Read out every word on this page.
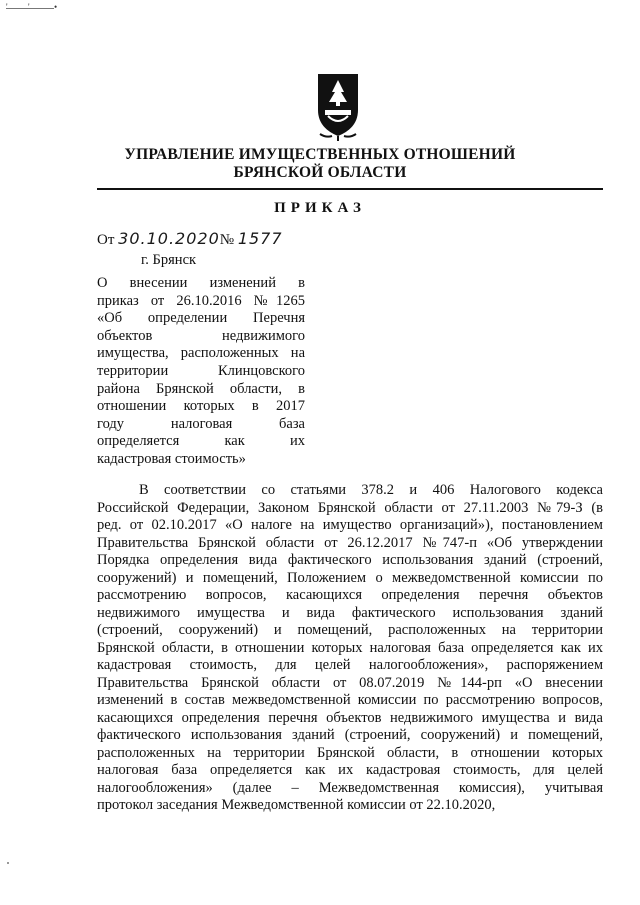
' '	•
УПРАВЛЕНИЕ ИМУЩЕСТВЕННЫХ ОТНОШЕНИЙ
БРЯНСКОЙ ОБЛАСТИ
ПРИКАЗ
От 30.10.2020№ 1577
г. Брянск
О внесении изменений в
приказ от 26.10.2016 №1265
«Об определении Перечня
объектов недвижимого
имущества, расположенных на
территории Клинцовского
района Брянской области, в
отношении которых в 2017
году налоговая база
определяется как их
кадастровая стоимость»
В соответствии со статьями 378.2 и 406 Налогового кодекса
Российской Федерации, Законом Брянской области от 27.11.2003 №79-З (в
ред. от 02.10.2017 «О налоге на имущество организаций»), постановлением
Правительства Брянской области от 26.12.2017 №747-п «Об утверждении
Порядка определения вида фактического использования зданий (строений,
сооружений) и помещений, Положением о межведомственной комиссии по
рассмотрению вопросов, касающихся определения перечня объектов
недвижимого имущества и вида фактического использования зданий
(строений, сооружений) и помещений, расположенных на территории
Брянской области, в отношении которых налоговая база определяется как их
кадастровая стоимость, для целей налогообложения», распоряжением
Правительства Брянской области от 08.07.2019 №144-рп «О внесении
изменений в состав межведомственной комиссии по рассмотрению вопросов,
касающихся определения перечня объектов недвижимого имущества и вида
фактического использования зданий (строений, сооружений) и помещений,
расположенных на территории Брянской области, в отношении которых
налоговая база определяется как их кадастровая стоимость, для целей
налогообложения» (далее – Межведомственная комиссия), учитывая
протокол заседания Межведомственной комиссии от 22.10.2020,
